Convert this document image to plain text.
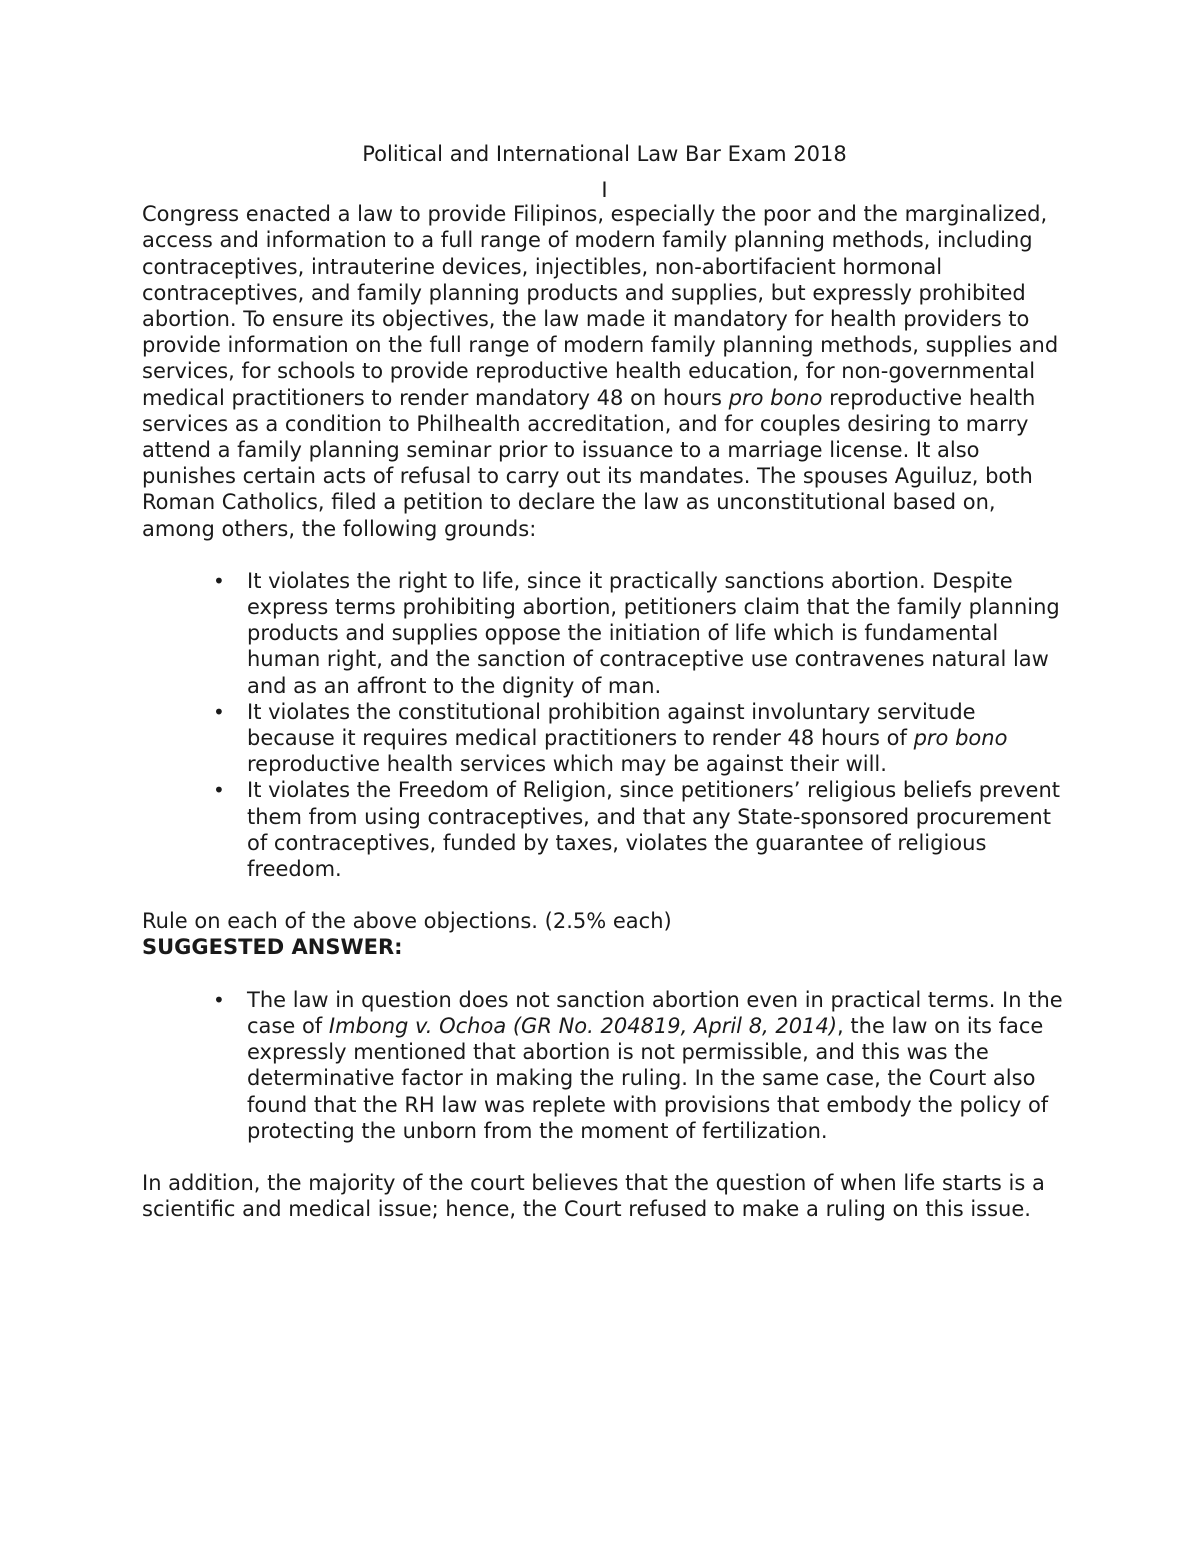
Political and International Law Bar Exam 2018

I

Congress enacted a law to provide Filipinos, especially the poor and the marginalized, access and information to a full range of modern family planning methods, including contraceptives, intrauterine devices, injectibles, non-abortifacient hormonal contraceptives, and family planning products and supplies, but expressly prohibited abortion. To ensure its objectives, the law made it mandatory for health providers to provide information on the full range of modern family planning methods, supplies and services, for schools to provide reproductive health education, for non-governmental medical practitioners to render mandatory 48 on hours pro bono reproductive health services as a condition to Philhealth accreditation, and for couples desiring to marry attend a family planning seminar prior to issuance to a marriage license. It also punishes certain acts of refusal to carry out its mandates. The spouses Aguiluz, both Roman Catholics, filed a petition to declare the law as unconstitutional based on, among others, the following grounds:

• It violates the right to life, since it practically sanctions abortion. Despite express terms prohibiting abortion, petitioners claim that the family planning products and supplies oppose the initiation of life which is fundamental human right, and the sanction of contraceptive use contravenes natural law and as an affront to the dignity of man.
• It violates the constitutional prohibition against involuntary servitude because it requires medical practitioners to render 48 hours of pro bono reproductive health services which may be against their will.
• It violates the Freedom of Religion, since petitioners’ religious beliefs prevent them from using contraceptives, and that any State-sponsored procurement of contraceptives, funded by taxes, violates the guarantee of religious freedom.

Rule on each of the above objections. (2.5% each)

SUGGESTED ANSWER:

• The law in question does not sanction abortion even in practical terms. In the case of Imbong v. Ochoa (GR No. 204819, April 8, 2014), the law on its face expressly mentioned that abortion is not permissible, and this was the determinative factor in making the ruling. In the same case, the Court also found that the RH law was replete with provisions that embody the policy of protecting the unborn from the moment of fertilization.

In addition, the majority of the court believes that the question of when life starts is a scientific and medical issue; hence, the Court refused to make a ruling on this issue.
